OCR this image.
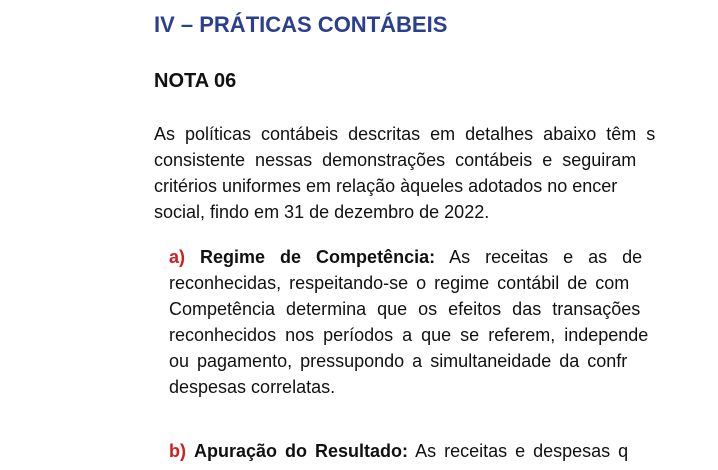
IV – PRÁTICAS CONTÁBEIS
NOTA 06
As políticas contábeis descritas em detalhes abaixo têm s
consistente nessas demonstrações contábeis e seguiram
critérios uniformes em relação àqueles adotados no encer
social, findo em 31 de dezembro de 2022.
a) Regime de Competência: As receitas e as de
reconhecidas, respeitando-se o regime contábil de com
Competência determina que os efeitos das transações
reconhecidos nos períodos a que se referem, independe
ou pagamento, pressupondo a simultaneidade da confr
despesas correlatas.
b) Apuração do Resultado: As receitas e despesas q
